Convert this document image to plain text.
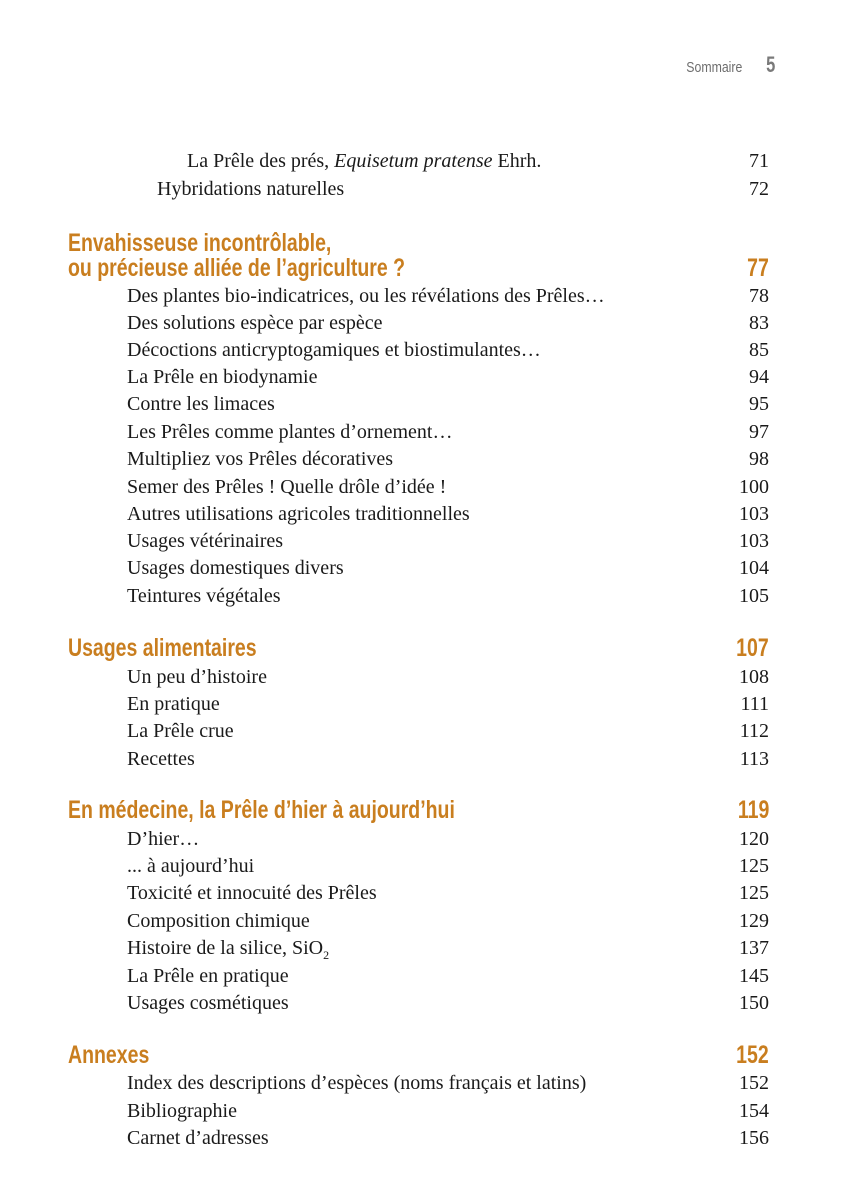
Sommaire 5
La Prêle des prés, Equisetum pratense Ehrh.	71
Hybridations naturelles	72
Envahisseuse incontrôlable,
ou précieuse alliée de l’agriculture ?	77
Des plantes bio-indicatrices, ou les révélations des Prêles…	78
Des solutions espèce par espèce	83
Décoctions anticryptogamiques et biostimulantes…	85
La Prêle en biodynamie	94
Contre les limaces	95
Les Prêles comme plantes d’ornement…	97
Multipliez vos Prêles décoratives	98
Semer des Prêles ! Quelle drôle d’idée !	100
Autres utilisations agricoles traditionnelles	103
Usages vétérinaires	103
Usages domestiques divers	104
Teintures végétales	105
Usages alimentaires	107
Un peu d’histoire	108
En pratique	111
La Prêle crue	112
Recettes	113
En médecine, la Prêle d’hier à aujourd’hui	119
D’hier…	120
... à aujourd’hui	125
Toxicité et innocuité des Prêles	125
Composition chimique	129
Histoire de la silice, SiO$_2$	137
La Prêle en pratique	145
Usages cosmétiques	150
Annexes	152
Index des descriptions d’espèces (noms français et latins)	152
Bibliographie	154
Carnet d’adresses	156
